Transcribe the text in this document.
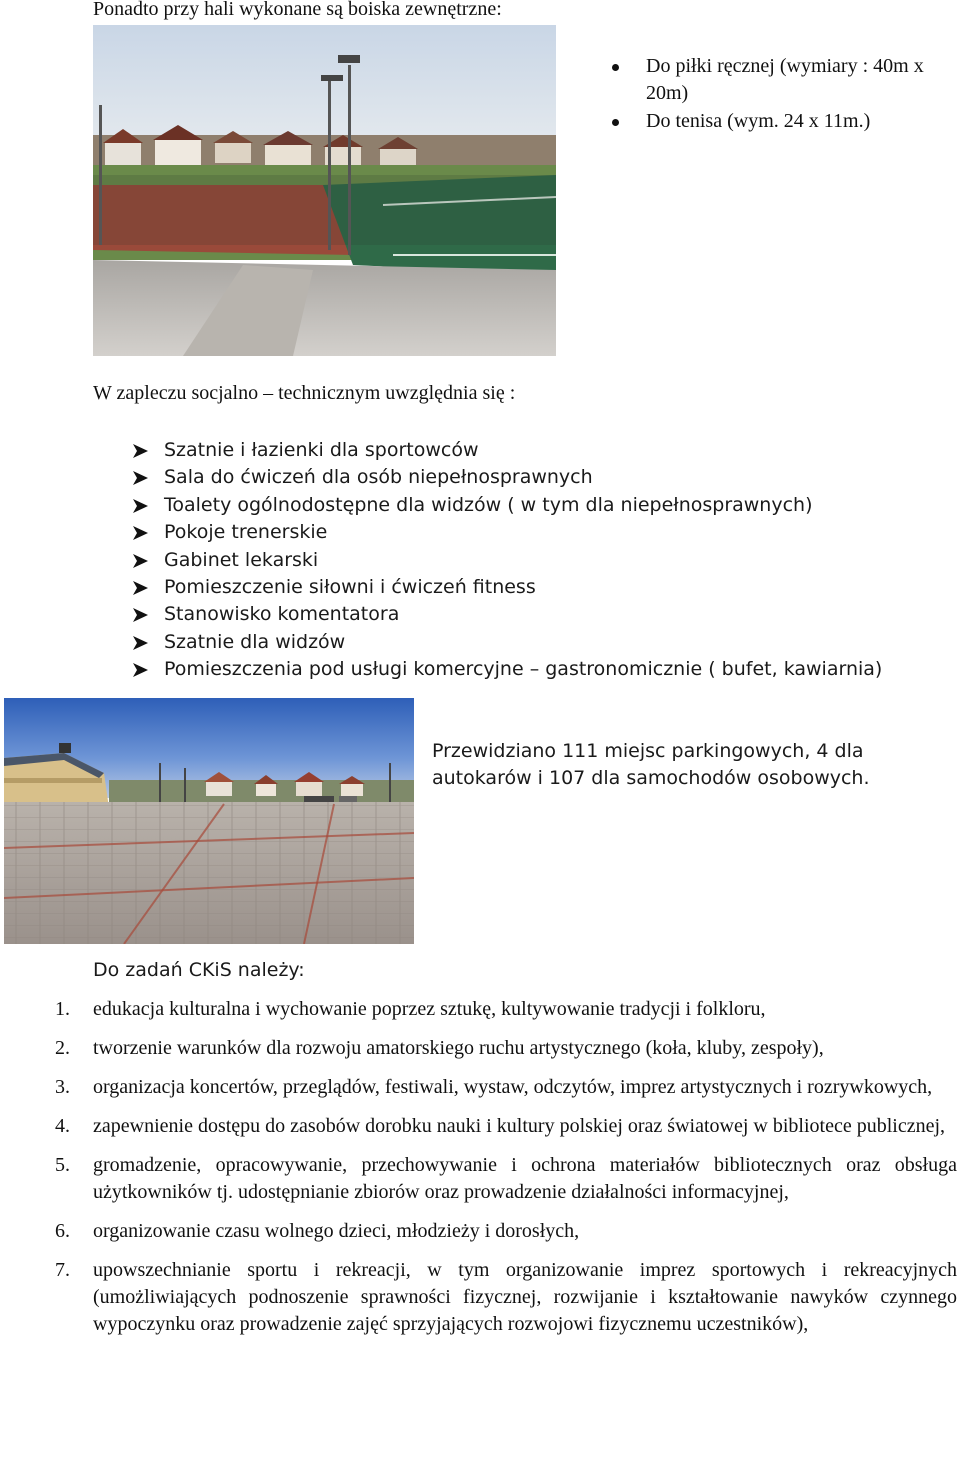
Ponadto przy hali wykonane są boiska zewnętrzne:
Do piłki ręcznej (wymiary : 40m x 20m)
Do tenisa (wym. 24 x 11m.)
W zapleczu socjalno – technicznym uwzględnia się :
Szatnie i łazienki dla sportowców
Sala do ćwiczeń dla osób niepełnosprawnych
Toalety ogólnodostępne dla widzów ( w tym dla niepełnosprawnych)
Pokoje trenerskie
Gabinet lekarski
Pomieszczenie siłowni i ćwiczeń fitness
Stanowisko komentatora
Szatnie dla widzów
Pomieszczenia pod usługi komercyjne – gastronomicznie ( bufet, kawiarnia)
Przewidziano 111 miejsc parkingowych, 4 dla autokarów i 107 dla samochodów osobowych.
Do zadań CKiS należy:
1. edukacja kulturalna i wychowanie poprzez sztukę, kultywowanie tradycji i folkloru,
2. tworzenie warunków dla rozwoju amatorskiego ruchu artystycznego (koła, kluby, zespoły),
3. organizacja koncertów, przeglądów, festiwali, wystaw, odczytów, imprez artystycznych i rozrywkowych,
4. zapewnienie dostępu do zasobów dorobku nauki i kultury polskiej oraz światowej w bibliotece publicznej,
5. gromadzenie, opracowywanie, przechowywanie i ochrona materiałów bibliotecznych oraz obsługa użytkowników tj. udostępnianie zbiorów oraz prowadzenie działalności informacyjnej,
6. organizowanie czasu wolnego dzieci, młodzieży i dorosłych,
7. upowszechnianie sportu i rekreacji, w tym organizowanie imprez sportowych i rekreacyjnych (umożliwiających podnoszenie sprawności fizycznej, rozwijanie i kształtowanie nawyków czynnego wypoczynku oraz prowadzenie zajęć sprzyjających rozwojowi fizycznemu uczestników),
